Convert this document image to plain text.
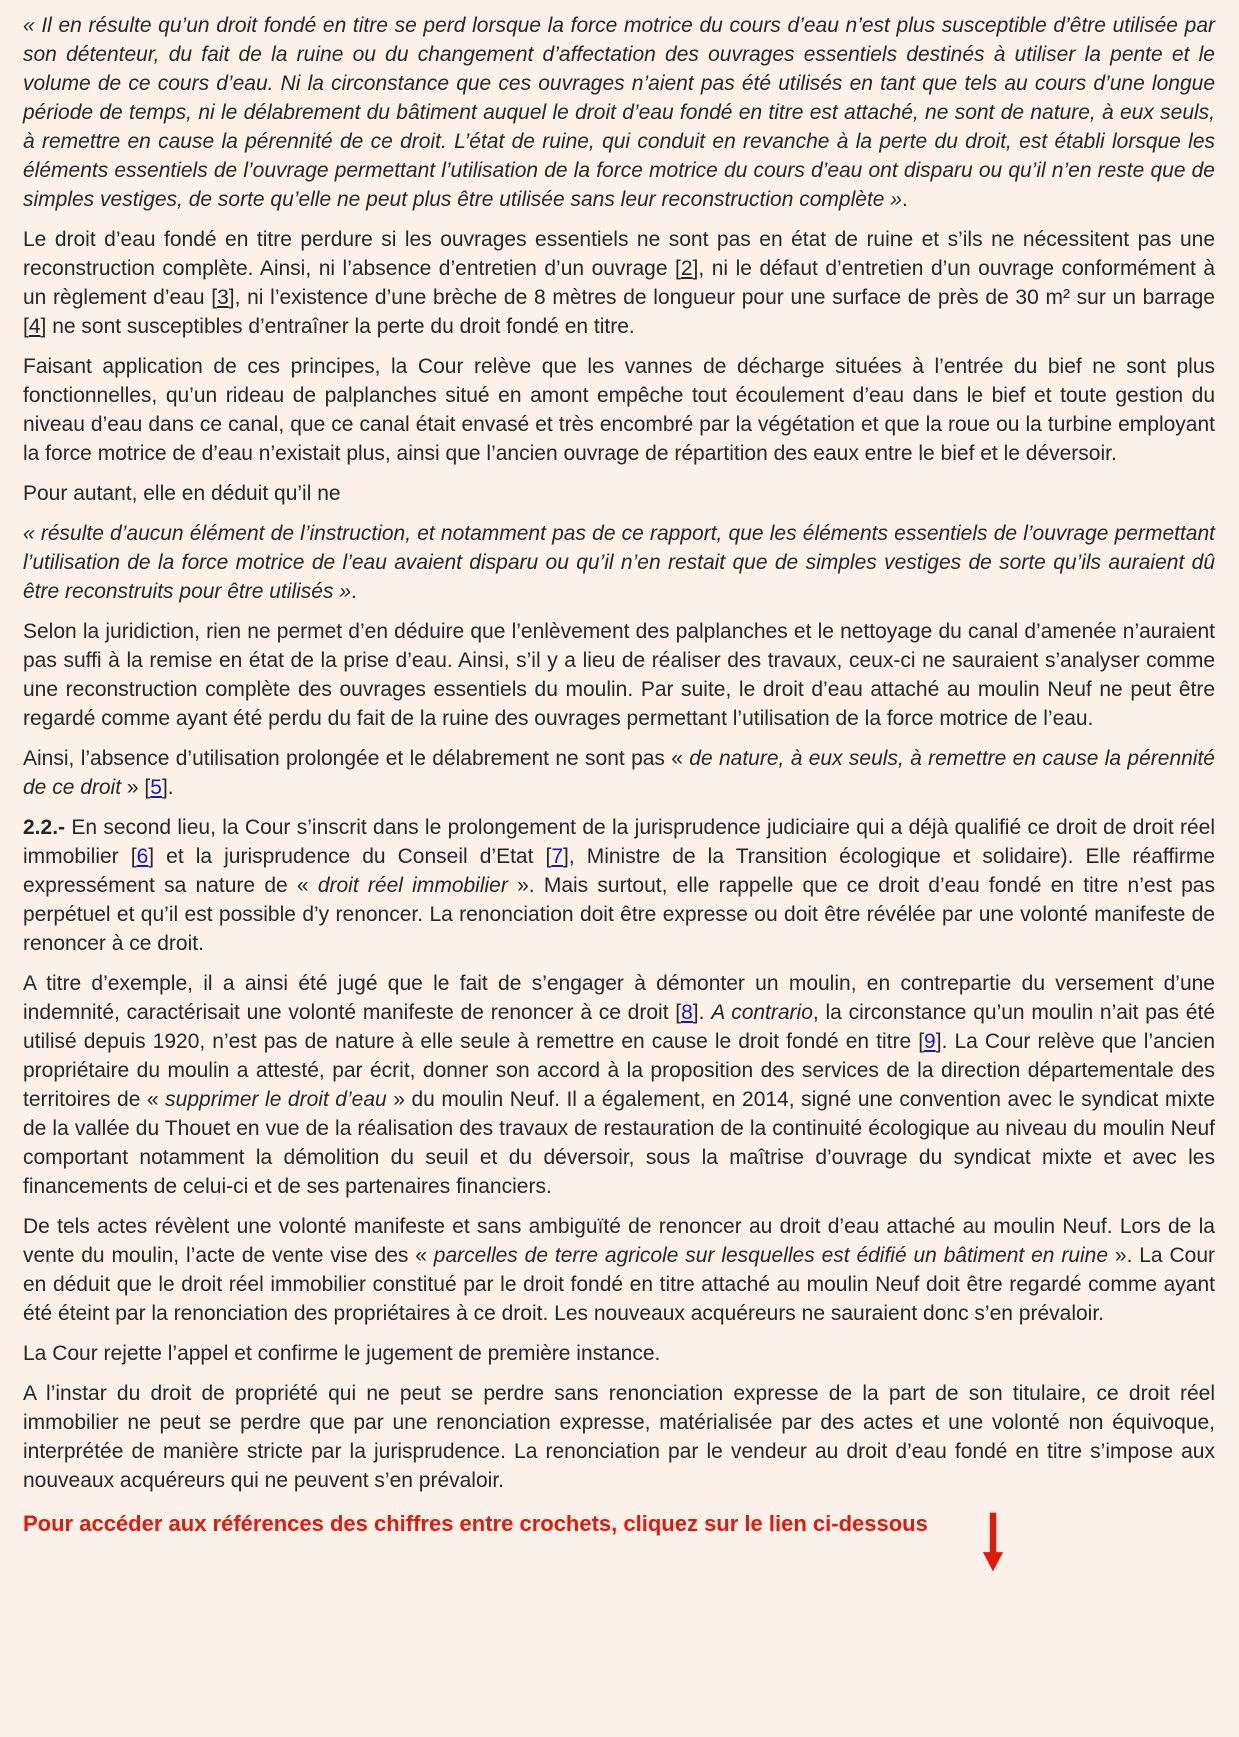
« Il en résulte qu’un droit fondé en titre se perd lorsque la force motrice du cours d’eau n’est plus susceptible d’être utilisée par son détenteur, du fait de la ruine ou du changement d’affectation des ouvrages essentiels destinés à utiliser la pente et le volume de ce cours d’eau. Ni la circonstance que ces ouvrages n’aient pas été utilisés en tant que tels au cours d’une longue période de temps, ni le délabrement du bâtiment auquel le droit d’eau fondé en titre est attaché, ne sont de nature, à eux seuls, à remettre en cause la pérennité de ce droit. L’état de ruine, qui conduit en revanche à la perte du droit, est établi lorsque les éléments essentiels de l’ouvrage permettant l’utilisation de la force motrice du cours d’eau ont disparu ou qu’il n’en reste que de simples vestiges, de sorte qu’elle ne peut plus être utilisée sans leur reconstruction complète ».
Le droit d’eau fondé en titre perdure si les ouvrages essentiels ne sont pas en état de ruine et s’ils ne nécessitent pas une reconstruction complète. Ainsi, ni l’absence d’entretien d’un ouvrage [2], ni le défaut d’entretien d’un ouvrage conformément à un règlement d’eau [3], ni l’existence d’une brèche de 8 mètres de longueur pour une surface de près de 30 m² sur un barrage [4] ne sont susceptibles d’entraîner la perte du droit fondé en titre.
Faisant application de ces principes, la Cour relève que les vannes de décharge situées à l’entrée du bief ne sont plus fonctionnelles, qu’un rideau de palplanches situé en amont empêche tout écoulement d’eau dans le bief et toute gestion du niveau d’eau dans ce canal, que ce canal était envasé et très encombré par la végétation et que la roue ou la turbine employant la force motrice de d’eau n’existait plus, ainsi que l’ancien ouvrage de répartition des eaux entre le bief et le déversoir.
Pour autant, elle en déduit qu’il ne
« résulte d’aucun élément de l’instruction, et notamment pas de ce rapport, que les éléments essentiels de l’ouvrage permettant l’utilisation de la force motrice de l’eau avaient disparu ou qu’il n’en restait que de simples vestiges de sorte qu’ils auraient dû être reconstruits pour être utilisés ».
Selon la juridiction, rien ne permet d’en déduire que l’enlèvement des palplanches et le nettoyage du canal d’amenée n’auraient pas suffi à la remise en état de la prise d’eau. Ainsi, s’il y a lieu de réaliser des travaux, ceux-ci ne sauraient s’analyser comme une reconstruction complète des ouvrages essentiels du moulin. Par suite, le droit d’eau attaché au moulin Neuf ne peut être regardé comme ayant été perdu du fait de la ruine des ouvrages permettant l’utilisation de la force motrice de l’eau.
Ainsi, l’absence d’utilisation prolongée et le délabrement ne sont pas « de nature, à eux seuls, à remettre en cause la pérennité de ce droit » [5].
2.2.- En second lieu, la Cour s’inscrit dans le prolongement de la jurisprudence judiciaire qui a déjà qualifié ce droit de droit réel immobilier [6] et la jurisprudence du Conseil d’Etat [7], Ministre de la Transition écologique et solidaire). Elle réaffirme expressément sa nature de « droit réel immobilier ». Mais surtout, elle rappelle que ce droit d’eau fondé en titre n’est pas perpétuel et qu’il est possible d’y renoncer. La renonciation doit être expresse ou doit être révélée par une volonté manifeste de renoncer à ce droit.
A titre d’exemple, il a ainsi été jugé que le fait de s’engager à démonter un moulin, en contrepartie du versement d’une indemnité, caractérisait une volonté manifeste de renoncer à ce droit [8]. A contrario, la circonstance qu’un moulin n’ait pas été utilisé depuis 1920, n’est pas de nature à elle seule à remettre en cause le droit fondé en titre [9]. La Cour relève que l’ancien propriétaire du moulin a attesté, par écrit, donner son accord à la proposition des services de la direction départementale des territoires de « supprimer le droit d’eau » du moulin Neuf. Il a également, en 2014, signé une convention avec le syndicat mixte de la vallée du Thouet en vue de la réalisation des travaux de restauration de la continuité écologique au niveau du moulin Neuf comportant notamment la démolition du seuil et du déversoir, sous la maîtrise d’ouvrage du syndicat mixte et avec les financements de celui-ci et de ses partenaires financiers.
De tels actes révèlent une volonté manifeste et sans ambiguïté de renoncer au droit d’eau attaché au moulin Neuf. Lors de la vente du moulin, l’acte de vente vise des « parcelles de terre agricole sur lesquelles est édifié un bâtiment en ruine ». La Cour en déduit que le droit réel immobilier constitué par le droit fondé en titre attaché au moulin Neuf doit être regardé comme ayant été éteint par la renonciation des propriétaires à ce droit. Les nouveaux acquéreurs ne sauraient donc s’en prévaloir.
La Cour rejette l’appel et confirme le jugement de première instance.
A l’instar du droit de propriété qui ne peut se perdre sans renonciation expresse de la part de son titulaire, ce droit réel immobilier ne peut se perdre que par une renonciation expresse, matérialisée par des actes et une volonté non équivoque, interprétée de manière stricte par la jurisprudence. La renonciation par le vendeur au droit d’eau fondé en titre s’impose aux nouveaux acquéreurs qui ne peuvent s’en prévaloir.
Pour accéder aux références des chiffres entre crochets, cliquez sur le lien ci-dessous
